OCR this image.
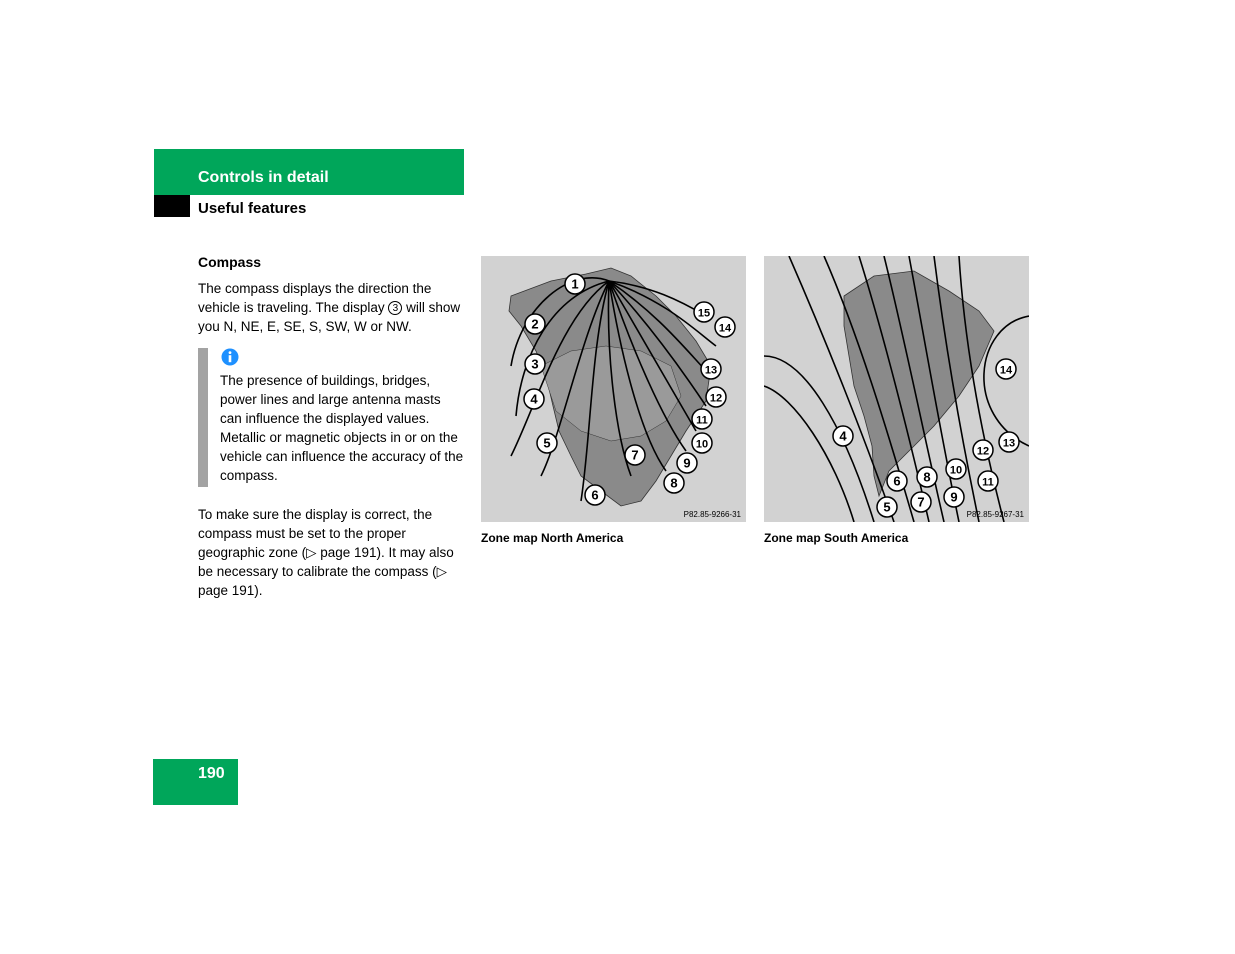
Controls in detail
Useful features
Compass
The compass displays the direction the vehicle is traveling. The display 3 will show you N, NE, E, SE, S, SW, W or NW.
The presence of buildings, bridges, power lines and large antenna masts can influence the displayed values. Metallic or magnetic objects in or on the vehicle can influence the accuracy of the compass.
To make sure the display is correct, the compass must be set to the proper geographic zone (▷ page 191). It may also be necessary to calibrate the compass (▷ page 191).
1
2
3
4
5
6
7
8
9
10
11
12
13
14
15
P82.85-9266-31
4
5
6
7
8
9
10
11
12
13
14
P82.85-9267-31
Zone map North America	Zone map South America
190
